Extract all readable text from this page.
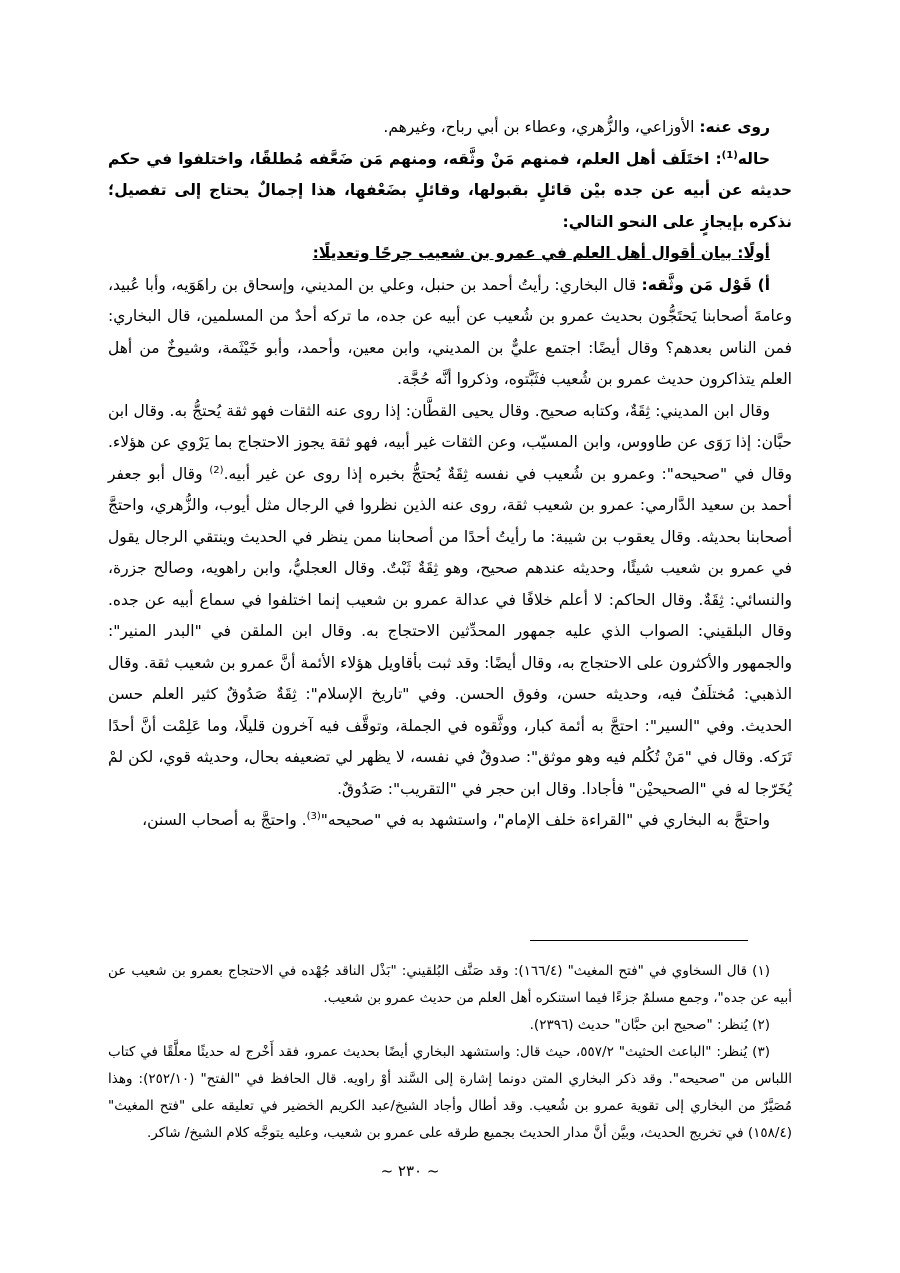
روى عنه: الأوزاعي، والزُّهري، وعطاء بن أبي رباح، وغيرهم.

حاله$^{(1)}$: اختَلَف أهل العلم، فمنهم مَنْ وثَّقه، ومنهم مَن ضَعَّفه مُطلقًا، واختلفوا في حكم حديثه عن أبيه عن جده بيْن قائلٍ بقبولها، وقائلٍ بضَعْفها، هذا إجمالٌ يحتاج إلى تفصيل؛ نذكره بإيجازٍ على النحو التالي:

أولًا: بيان أقوال أهل العلم في عمرو بن شعيب جرحًا وتعديلًا:

أ) قَوْل مَن وثَّقه: قال البخاري: رأيتُ أحمد بن حنبل، وعلي بن المديني، وإسحاق بن راهَوَيه، وأبا عُبيد، وعامةَ أصحابنا يَحتَجُّون بحديث عمرو بن شُعيب عن أبيه عن جده، ما تركه أحدٌ من المسلمين، قال البخاري: فمن الناس بعدهم؟ وقال أيضًا: اجتمع عليٌّ بن المديني، وابن معين، وأحمد، وأبو خَيْثَمة، وشيوخٌ من أهل العلم يتذاكرون حديث عمرو بن شُعيب فثَبَّتوه، وذكروا أنَّه حُجَّة.

وقال ابن المديني: ثِقَةٌ، وكتابه صحيح. وقال يحيى القطَّان: إذا روى عنه الثقات فهو ثقة يُحتجُّ به. وقال ابن حبَّان: إذا رَوَى عن طاووس، وابن المسيّب، وعن الثقات غير أبيه، فهو ثقة يجوز الاحتجاج بما يَرْوي عن هؤلاء. وقال في "صحيحه": وعمرو بن شُعيب في نفسه ثِقَةٌ يُحتجُّ بخبره إذا روى عن غير أبيه.$^{(2)}$ وقال أبو جعفر أحمد بن سعيد الدَّارمي: عمرو بن شعيب ثقة، روى عنه الذين نظروا في الرجال مثل أيوب، والزُّهري، واحتجَّ أصحابنا بحديثه. وقال يعقوب بن شيبة: ما رأيتُ أحدًا من أصحابنا ممن ينظر في الحديث وينتقي الرجال يقول في عمرو بن شعيب شيئًا، وحديثه عندهم صحيح، وهو ثِقَةٌ ثَبْتٌ. وقال العجليُّ، وابن راهويه، وصالح جزرة، والنسائي: ثِقَةٌ. وقال الحاكم: لا أعلم خلافًا في عدالة عمرو بن شعيب إنما اختلفوا في سماع أبيه عن جده. وقال البلقيني: الصواب الذي عليه جمهور المحدِّثين الاحتجاج به. وقال ابن الملقن في "البدر المنير": والجمهور والأكثرون على الاحتجاج به، وقال أيضًا: وقد ثبت بأقاويل هؤلاء الأئمة أنَّ عمرو بن شعيب ثقة. وقال الذهبي: مُختلَفٌ فيه، وحديثه حسن، وفوق الحسن. وفي "تاريخ الإسلام": ثِقَةٌ صَدُوقٌ كثير العلم حسن الحديث. وفي "السير": احتجَّ به أئمة كبار، ووثَّقوه في الجملة، وتوقَّف فيه آخرون قليلًا، وما عَلِمْت أنَّ أحدًا تَرَكه. وقال في "مَنْ تُكُلم فيه وهو موثق": صدوقٌ في نفسه، لا يظهر لي تضعيفه بحال، وحديثه قوي، لكن لمْ يُخَرّجا له في "الصحيحيْن" فأجادا. وقال ابن حجر في "التقريب": صَدُوقٌ.

واحتجَّ به البخاري في "القراءة خلف الإمام"، واستشهد به في "صحيحه"$^{(3)}$. واحتجَّ به أصحاب السنن،

(١) قال السخاوي في "فتح المغيث" (١٦٦/٤): وقد صَنَّف البُلقيني: "بَذْل الناقد جُهْده في الاحتجاج بعمرو بن شعيب عن أبيه عن جده"، وجمع مسلمٌ جزءًا فيما استنكره أهل العلم من حديث عمرو بن شعيب.

(٢) يُنظر: "صحيح ابن حبَّان" حديث (٢٣٩٦).

(٣) يُنظر: "الباعث الحثيث" ٥٥٧/٢، حيث قال: واستشهد البخاري أيضًا بحديث عمرو، فقد أَخْرج له حديثًا معلَّقًا في كتاب اللباس من "صحيحه". وقد ذكر البخاري المتن دونما إشارة إلى السَّند أوْ راويه. قال الحافظ في "الفتح" (٢٥٢/١٠): وهذا مُصَيَّرٌ من البخاري إلى تقوية عمرو بن شُعيب. وقد أطال وأجاد الشيخ/عبد الكريم الخضير في تعليقه على "فتح المغيث" (١٥٨/٤) في تخريج الحديث، وبيَّن أنَّ مدار الحديث بجميع طرقه على عمرو بن شعيب، وعليه يتوجَّه كلام الشيخ/ شاكر.

~ ٢٣٠ ~
